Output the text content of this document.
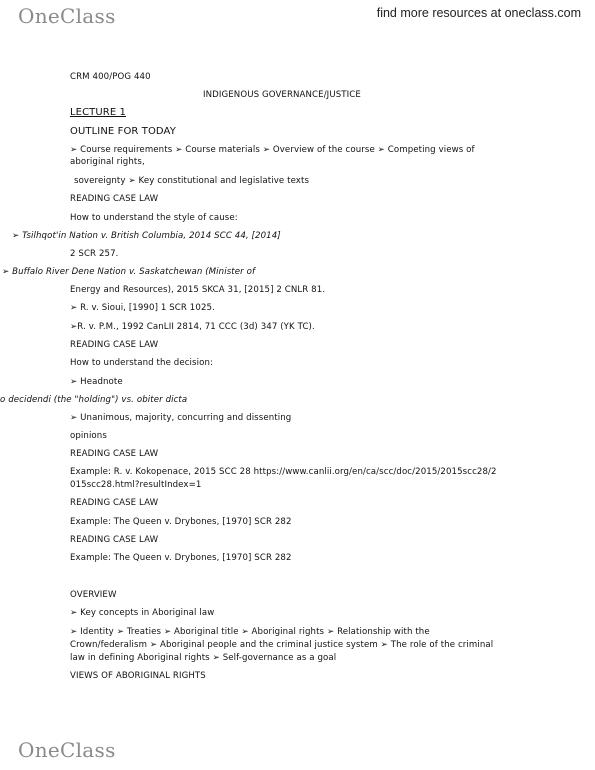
OneClass	find more resources at oneclass.com
CRM 400/POG 440
INDIGENOUS GOVERNANCE/JUSTICE
LECTURE 1
OUTLINE FOR TODAY
➢ Course requirements ➢ Course materials ➢ Overview of the course ➢ Competing views of
aboriginal rights,
sovereignty ➢ Key constitutional and legislative texts
READING CASE LAW
How to understand the style of cause:
➢ Tsilhqot'in Nation v. British Columbia, 2014 SCC 44, [2014]
2 SCR 257.
➢ Buffalo River Dene Nation v. Saskatchewan (Minister of
Energy and Resources), 2015 SKCA 31, [2015] 2 CNLR 81.
➢ R. v. Sioui, [1990] 1 SCR 1025.
➢R. v. P.M., 1992 CanLII 2814, 71 CCC (3d) 347 (YK TC).
READING CASE LAW
How to understand the decision:
➢ Headnote
o decidendi (the "holding") vs. obiter dicta
➢ Unanimous, majority, concurring and dissenting
opinions
READING CASE LAW
Example: R. v. Kokopenace, 2015 SCC 28 https://www.canlii.org/en/ca/scc/doc/2015/2015scc28/2
015scc28.html?resultIndex=1
READING CASE LAW
Example: The Queen v. Drybones, [1970] SCR 282
READING CASE LAW
Example: The Queen v. Drybones, [1970] SCR 282
OVERVIEW
➢ Key concepts in Aboriginal law
➢ Identity ➢ Treaties ➢ Aboriginal title ➢ Aboriginal rights ➢ Relationship with the
Crown/federalism ➢ Aboriginal people and the criminal justice system ➢ The role of the criminal
law in defining Aboriginal rights ➢ Self-governance as a goal
VIEWS OF ABORIGINAL RIGHTS
OneClass
